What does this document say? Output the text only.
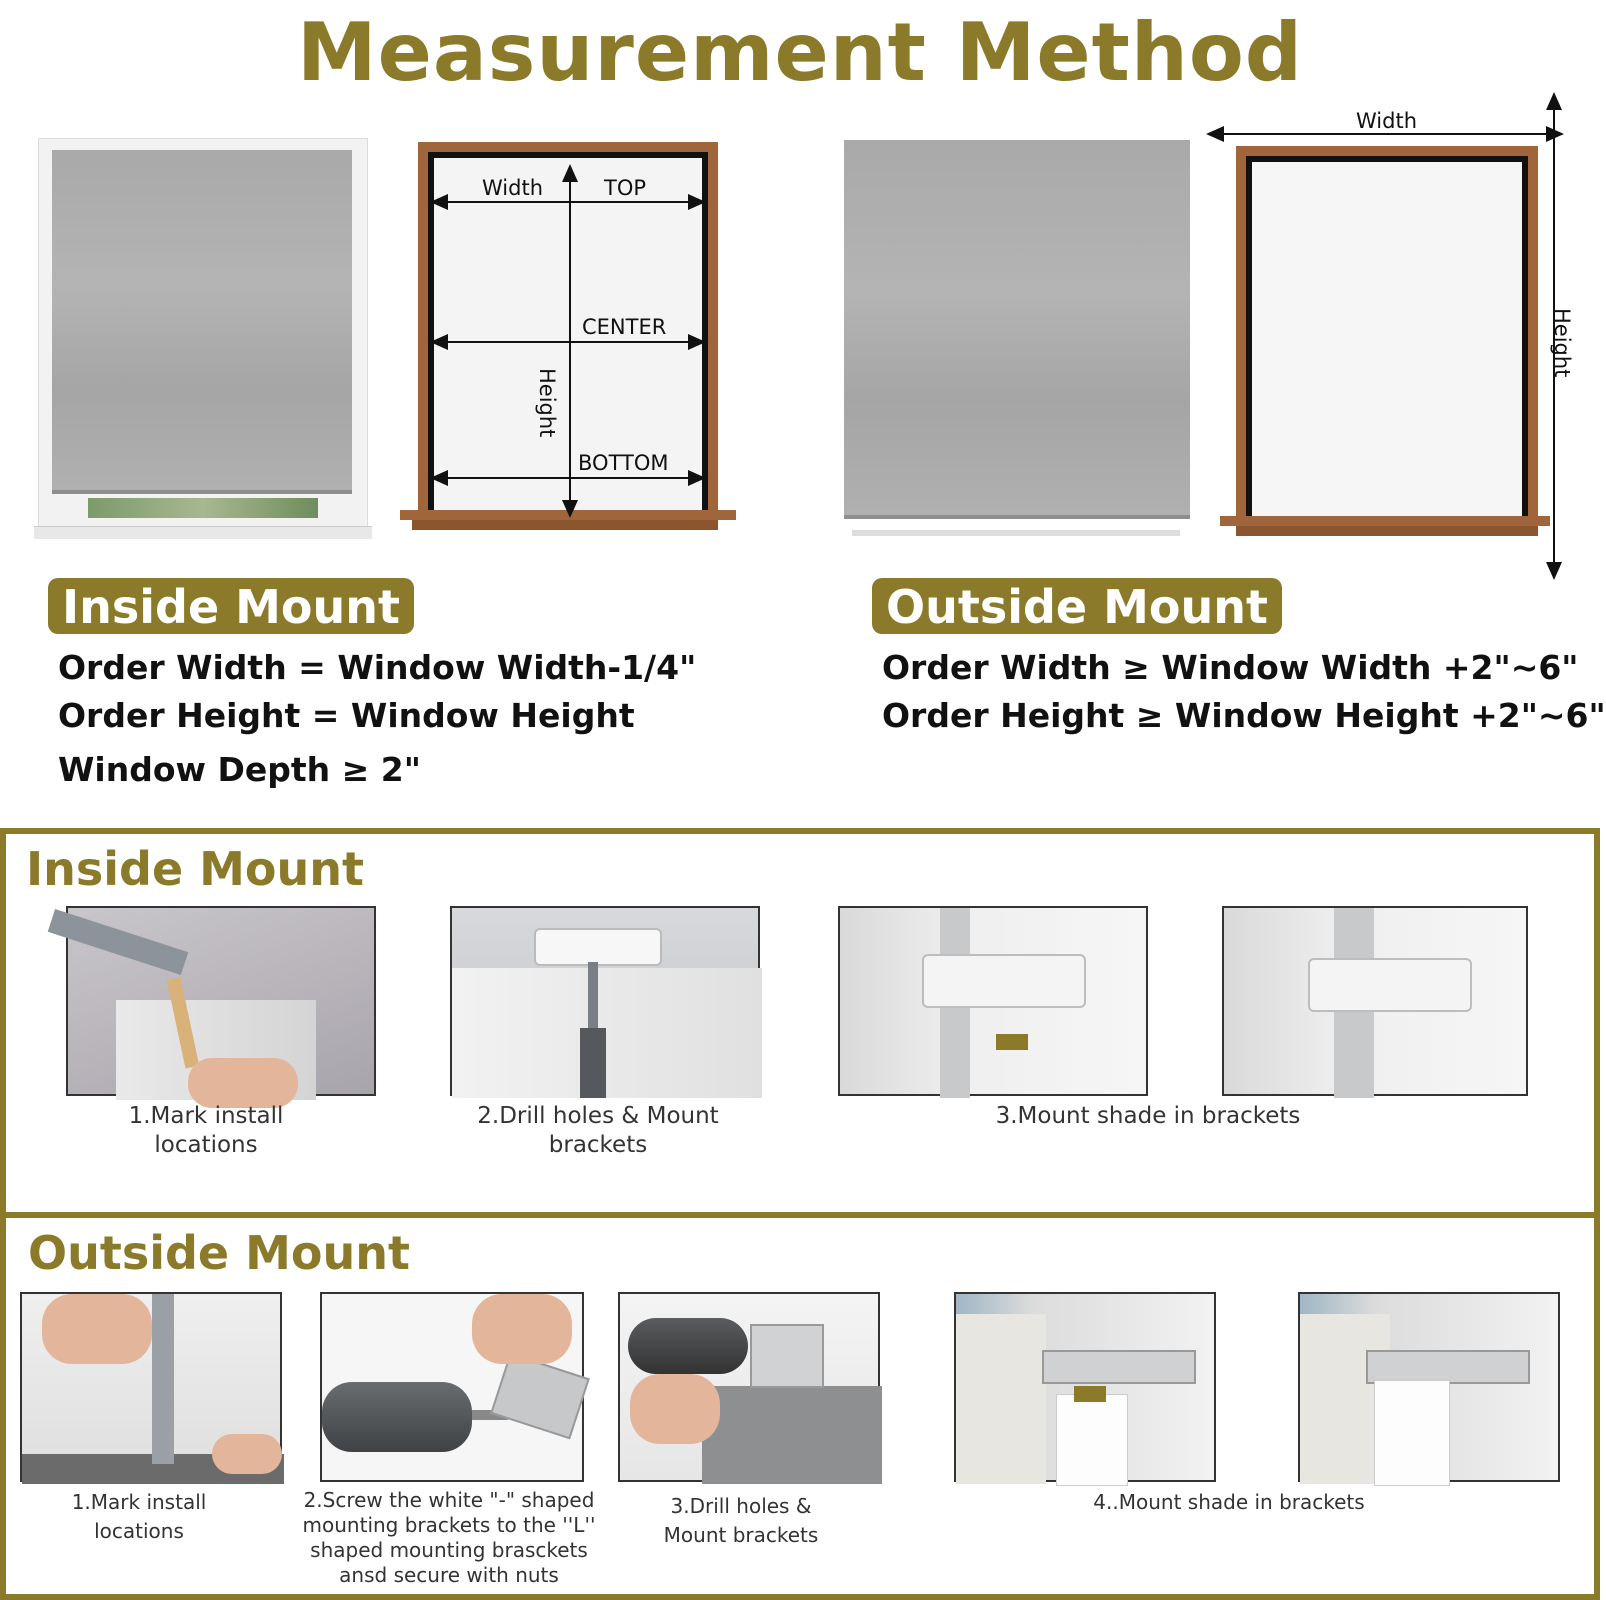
Measurement Method
Width	TOP
CENTER
BOTTOM
Height
Width
Height
Inside Mount	Outside Mount
Order Width = Window Width-1/4"
Order Height = Window Height
Window Depth ≥ 2"
Order Width ≥ Window Width +2"~6"
Order Height ≥ Window Height +2"~6"
Inside Mount
1.Mark install
locations
2.Drill holes & Mount
brackets
3.Mount shade in brackets
Outside Mount
1.Mark install
locations
2.Screw the white "-" shaped
mounting brackets to the ''L''
shaped mounting brasckets
ansd secure with nuts
3.Drill holes &
Mount brackets
4..Mount shade in brackets
